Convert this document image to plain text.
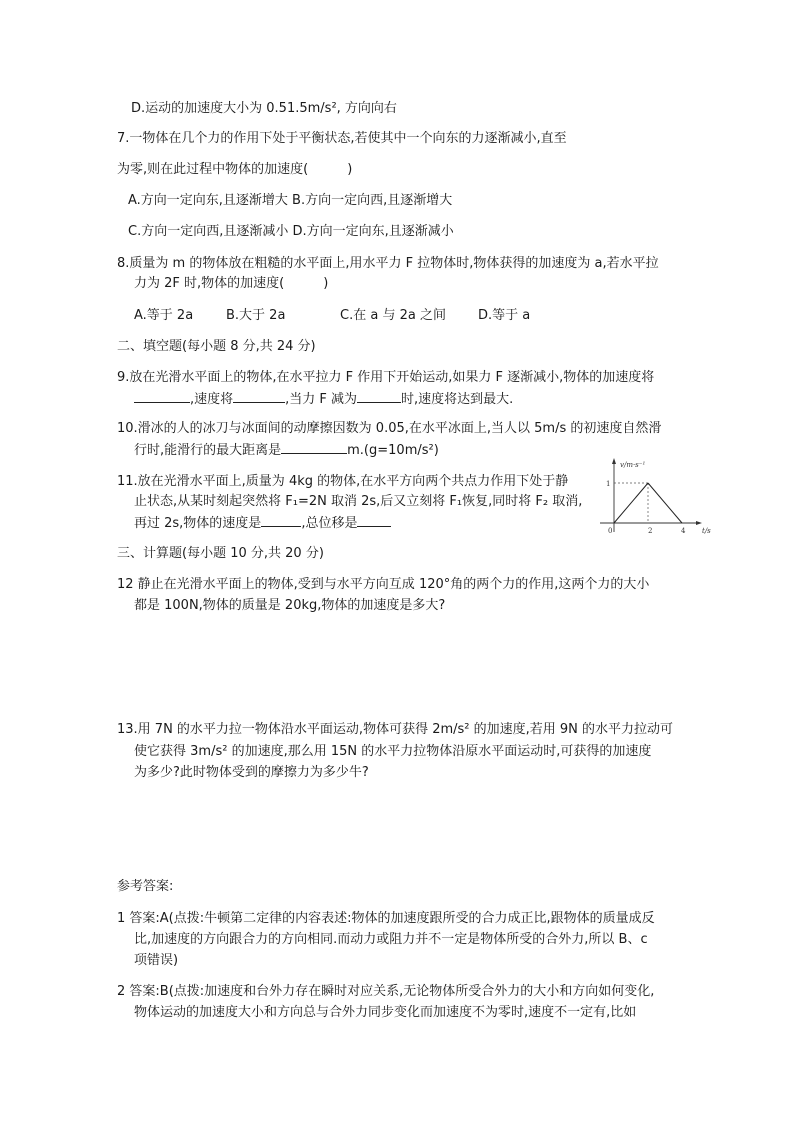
D.运动的加速度大小为 0.51.5m/s², 方向向右
7.一物体在几个力的作用下处于平衡状态,若使其中一个向东的力逐渐减小,直至
为零,则在此过程中物体的加速度(　　　)
A.方向一定向东,且逐渐增大 B.方向一定向西,且逐渐增大
C.方向一定向西,且逐渐减小 D.方向一定向东,且逐渐减小
8.质量为 m 的物体放在粗糙的水平面上,用水平力 F 拉物体时,物体获得的加速度为 a,若水平拉
力为 2F 时,物体的加速度(　　　)
A.等于 2a	B.大于 2a	C.在 a 与 2a 之间 D.等于 a
二、填空题(每小题 8 分,共 24 分)
9.放在光滑水平面上的物体,在水平拉力 F 作用下开始运动,如果力 F 逐渐减小,物体的加速度将
,速度将	,当力 F 减为	时,速度将达到最大.
10.滑冰的人的冰刀与冰面间的动摩擦因数为 0.05,在水平冰面上,当人以 5m/s 的初速度自然滑
行时,能滑行的最大距离是	m.(g=10m/s²)
11.放在光滑水平面上,质量为 4kg 的物体,在水平方向两个共点力作用下处于静
止状态,从某时刻起突然将 F₁=2N 取消 2s,后又立刻将 F₁恢复,同时将 F₂ 取消,
再过 2s,物体的速度是	,总位移是
v/m·s⁻¹
t/s
1
0	2	4
三、计算题(每小题 10 分,共 20 分)
12 静止在光滑水平面上的物体,受到与水平方向互成 120°角的两个力的作用,这两个力的大小
都是 100N,物体的质量是 20kg,物体的加速度是多大?
13.用 7N 的水平力拉一物体沿水平面运动,物体可获得 2m/s² 的加速度,若用 9N 的水平力拉动可
使它获得 3m/s² 的加速度,那么用 15N 的水平力拉物体沿原水平面运动时,可获得的加速度
为多少?此时物体受到的摩擦力为多少牛?
参考答案:
1 答案:A(点拨:牛顿第二定律的内容表述:物体的加速度跟所受的合力成正比,跟物体的质量成反
比,加速度的方向跟合力的方向相同.而动力或阻力并不一定是物体所受的合外力,所以 B、c
项错误)
2 答案:B(点拨:加速度和台外力存在瞬时对应关系,无论物体所受合外力的大小和方向如何变化,
物体运动的加速度大小和方向总与合外力同步变化而加速度不为零时,速度不一定有,比如
